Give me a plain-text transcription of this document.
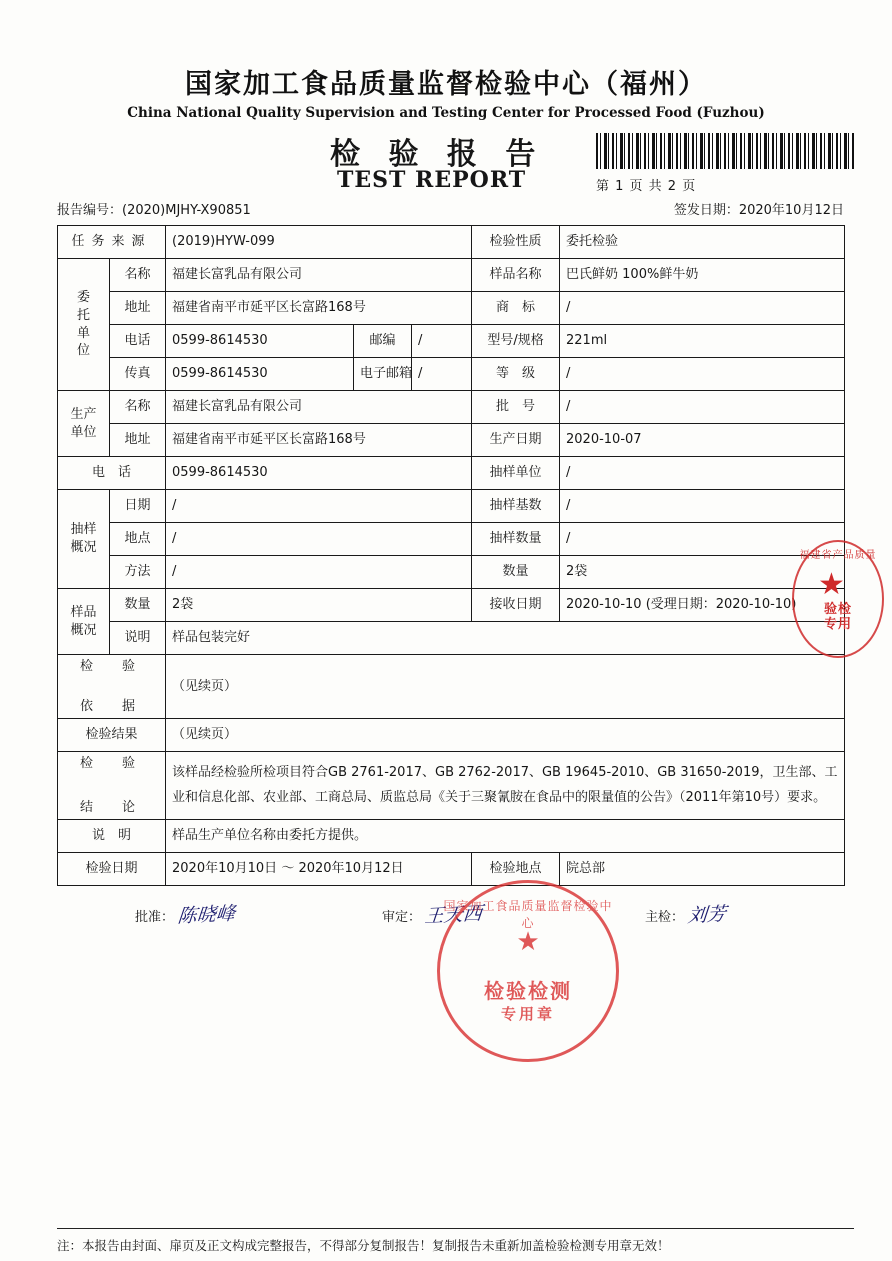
国家加工食品质量监督检验中心（福州）
China National Quality Supervision and Testing Center for Processed Food (Fuzhou)
检 验 报 告
TEST REPORT	第 1 页 共 2 页
报告编号：(2020)MJHY-X90851	签发日期：2020年10月12日
任务来源		(2019)HYW-099			检验性质	委托检验

委
托
单
位	名称	福建长富乳品有限公司			样品名称	巴氏鲜奶 100%鲜牛奶
	地址	福建省南平市延平区长富路168号			商　标	/
	电话	0599-8614530	邮编	/	型号/规格	221ml
	传真	0599-8614530	电子邮箱	/	等　级	/

生产
单位	名称	福建长富乳品有限公司			批　号	/
	地址	福建省南平市延平区长富路168号			生产日期	2020-10-07
电　话		0599-8614530			抽样单位	/

抽样
概况	日期	/			抽样基数	/
	地点	/			抽样数量	/
	方法	/			数量	2袋

样品
概况	数量	2袋			接收日期	2020-10-10 (受理日期：2020-10-10)
	说明	样品包装完好				

检　验
依　据		（见续页）				
检验结果		（见续页）				

检　验
结　论		该样品经检验所检项目符合GB 2761-2017、GB 2762-2017、GB 19645-2010、GB 31650-2019，卫生部、工业和信息化部、农业部、工商总局、质监总局《关于三聚氰胺在食品中的限量值的公告》（2011年第10号）要求。				
说　明		样品生产单位名称由委托方提供。				
检验日期		2020年10月10日 ～ 2020年10月12日			检验地点	院总部
批准： 陈晓峰	审定： 王天西	主检： 刘芳
注：本报告由封面、扉页及正文构成完整报告，不得部分复制报告！复制报告未重新加盖检验检测专用章无效！
福建省产品质量
★
验检
专用
国家加工食品质量监督检验中心
★
检验检测
专用章
